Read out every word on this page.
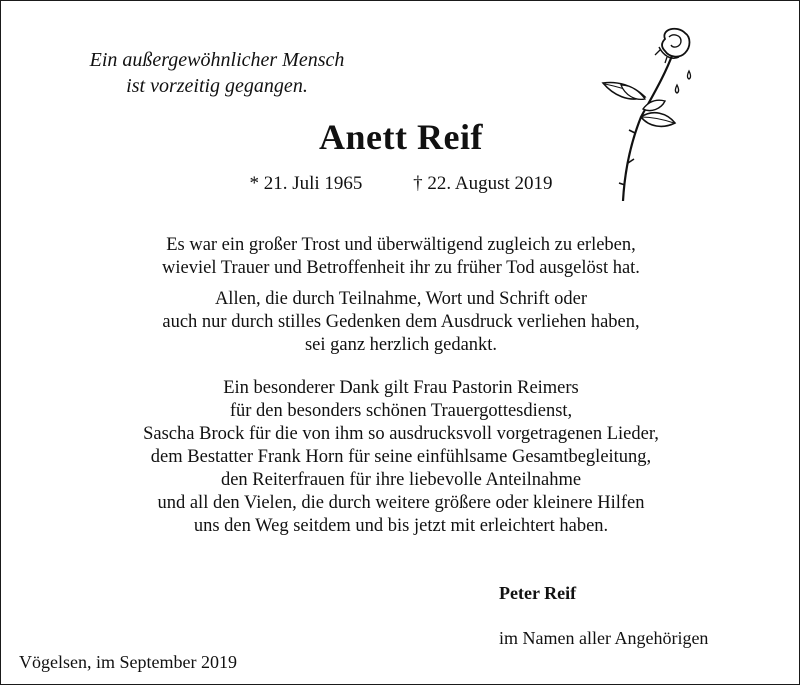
Ein außergewöhnlicher Mensch
ist vorzeitig gegangen.
Anett Reif
* 21. Juli 1965	† 22. August 2019
Es war ein großer Trost und überwältigend zugleich zu erleben,
wieviel Trauer und Betroffenheit ihr zu früher Tod ausgelöst hat.
Allen, die durch Teilnahme, Wort und Schrift oder
auch nur durch stilles Gedenken dem Ausdruck verliehen haben,
sei ganz herzlich gedankt.
Ein besonderer Dank gilt Frau Pastorin Reimers
für den besonders schönen Trauergottesdienst,
Sascha Brock für die von ihm so ausdrucksvoll vorgetragenen Lieder,
dem Bestatter Frank Horn für seine einfühlsame Gesamtbegleitung,
den Reiterfrauen für ihre liebevolle Anteilnahme
und all den Vielen, die durch weitere größere oder kleinere Hilfen
uns den Weg seitdem und bis jetzt mit erleichtert haben.
Peter Reif
im Namen aller Angehörigen
Vögelsen, im September 2019
